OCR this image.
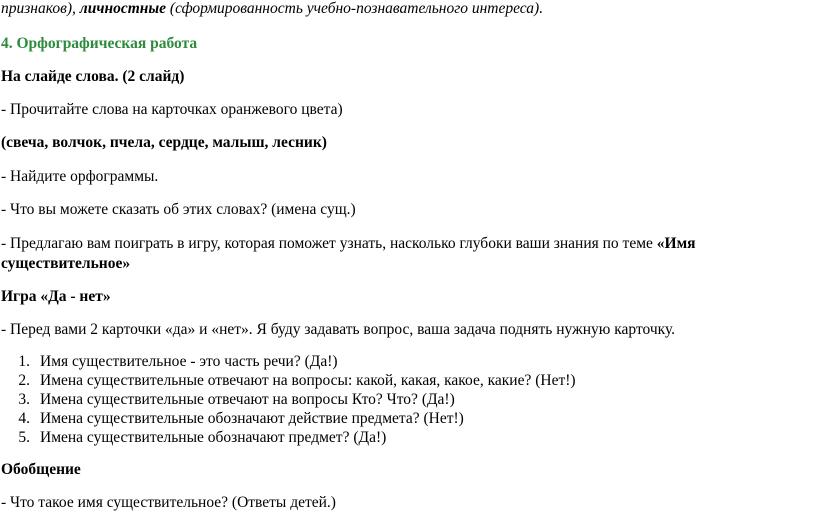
признаков), личностные (сформированность учебно-познавательного интереса).
4. Орфографическая работа
На слайде слова. (2 слайд)
- Прочитайте слова на карточках оранжевого цвета)
(свеча, волчок, пчела, сердце, малыш, лесник)
- Найдите орфограммы.
- Что вы можете сказать об этих словах? (имена сущ.)
- Предлагаю вам поиграть в игру, которая поможет узнать, насколько глубоки ваши знания по теме «Имя существительное»
Игра «Да - нет»
- Перед вами 2 карточки «да» и «нет». Я буду задавать вопрос, ваша задача поднять нужную карточку.
1. Имя существительное - это часть речи? (Да!)
2. Имена существительные отвечают на вопросы: какой, какая, какое, какие? (Нет!)
3. Имена существительные отвечают на вопросы Кто? Что? (Да!)
4. Имена существительные обозначают действие предмета? (Нет!)
5. Имена существительные обозначают предмет? (Да!)
Обобщение
- Что такое имя существительное? (Ответы детей.)
